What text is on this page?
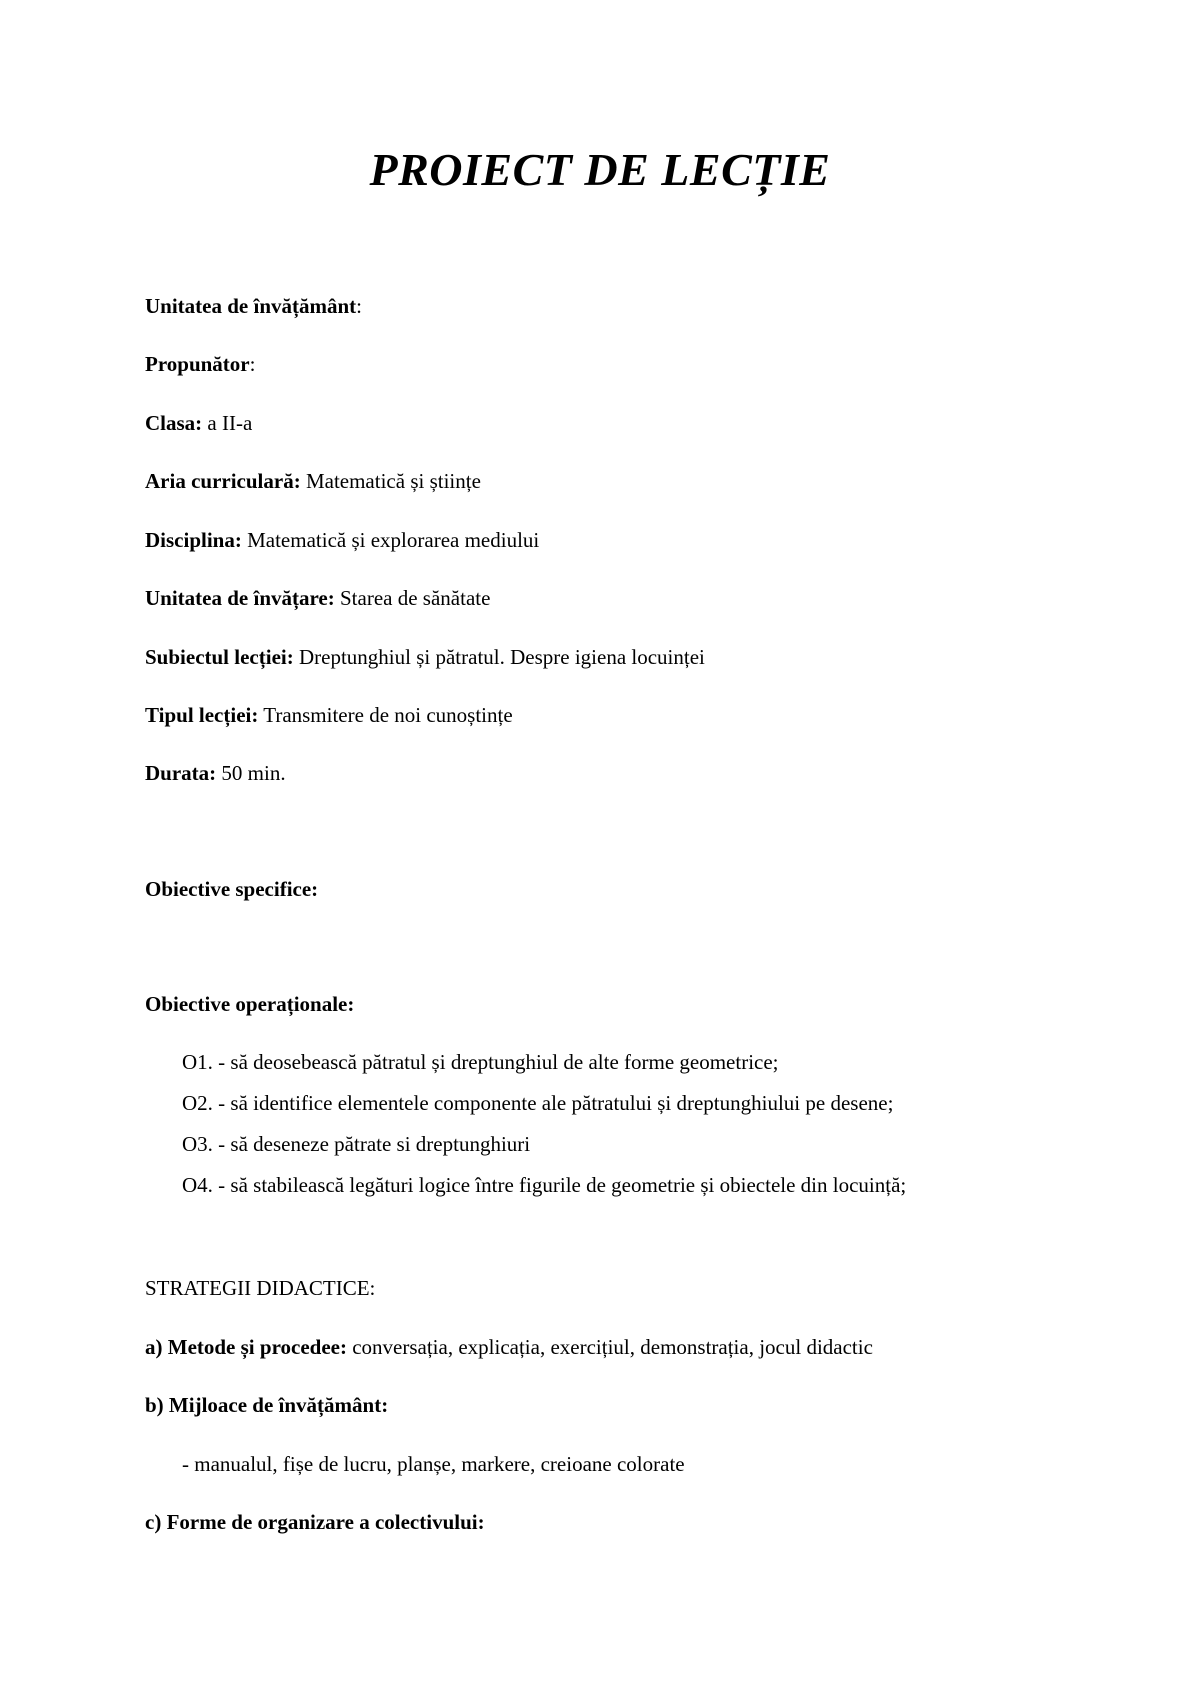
PROIECT DE LECȚIE
Unitatea de învățământ:
Propunător:
Clasa: a II-a
Aria curriculară: Matematică și științe
Disciplina: Matematică și explorarea mediului
Unitatea de învățare: Starea de sănătate
Subiectul lecției: Dreptunghiul și pătratul. Despre igiena locuinței
Tipul lecției: Transmitere de noi cunoștințe
Durata: 50 min.
Obiective specifice:
Obiective operaționale:
O1. - să deosebească pătratul și dreptunghiul de alte forme geometrice;
O2. - să identifice elementele componente ale pătratului și dreptunghiului pe desene;
O3. - să deseneze pătrate si dreptunghiuri
O4. - să stabilească legături logice între figurile de geometrie și obiectele din locuință;
STRATEGII DIDACTICE:
a) Metode și procedee: conversația, explicația, exercițiul, demonstrația, jocul didactic
b) Mijloace de învățământ:
- manualul, fișe de lucru, planșe, markere, creioane colorate
c) Forme de organizare a colectivului:
